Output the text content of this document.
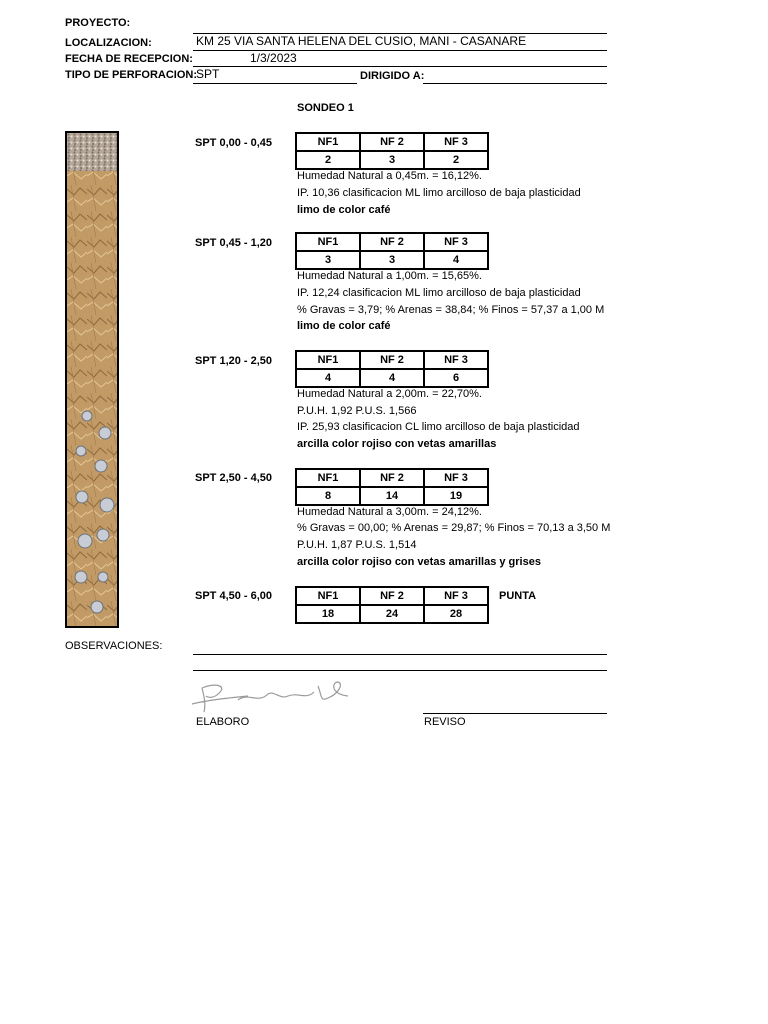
PROYECTO:
LOCALIZACION:	KM 25 VIA SANTA HELENA DEL CUSIO, MANI - CASANARE
FECHA DE RECEPCION:	1/3/2023
TIPO DE PERFORACION:
SPT	DIRIGIDO A:
SONDEO 1
SPT 0,00 - 0,45	NF1	NF 2	NF 3
2	3	2
Humedad Natural a 0,45m. = 16,12%.
IP. 10,36 clasificacion ML limo arcilloso de baja plasticidad
limo de color café
SPT 0,45 - 1,20	NF1	NF 2	NF 3
3	3	4
Humedad Natural a 1,00m. = 15,65%.
IP. 12,24 clasificacion ML limo arcilloso de baja plasticidad
% Gravas = 3,79; % Arenas = 38,84; % Finos = 57,37 a 1,00 M
limo de color café
SPT 1,20 - 2,50	NF1	NF 2	NF 3
4	4	6
Humedad Natural a 2,00m. = 22,70%.
P.U.H. 1,92 P.U.S. 1,566
IP. 25,93 clasificacion CL limo arcilloso de baja plasticidad
arcilla color rojiso con vetas amarillas
SPT 2,50 - 4,50	NF1	NF 2	NF 3
8	14	19
Humedad Natural a 3,00m. = 24,12%.
% Gravas = 00,00; % Arenas = 29,87; % Finos = 70,13 a 3,50 M
P.U.H. 1,87 P.U.S. 1,514
arcilla color rojiso con vetas amarillas y grises
SPT 4,50 - 6,00	NF1	NF 2	NF 3
18	24	28
PUNTA
OBSERVACIONES:
ELABORO	REVISO
